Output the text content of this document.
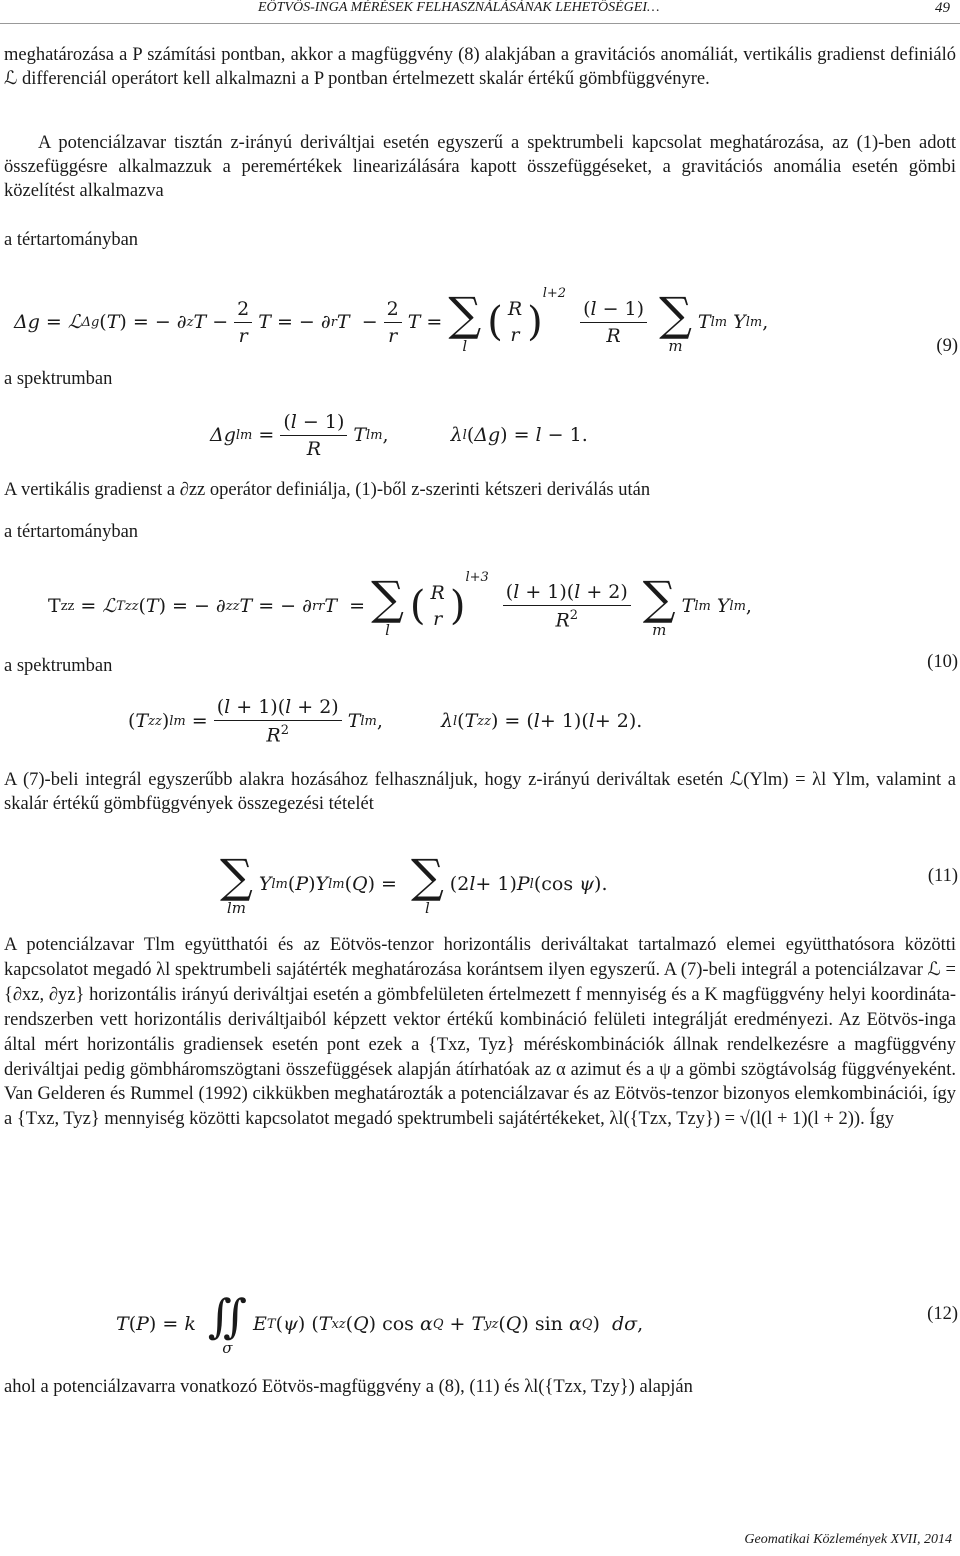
EÖTVÖS-INGA MÉRÉSEK FELHASZNÁLÁSÁNAK LEHETŐSÉGEI…	49
meghatározása a P számítási pontban, akkor a magfüggvény (8) alakjában a gravitációs anomáliát, vertikális gradienst definiáló ℒ differenciál operátort kell alkalmazni a P pontban értelmezett skalár értékű gömbfüggvényre.
A potenciálzavar tisztán z-irányú deriváltjai esetén egyszerű a spektrumbeli kapcsolat meghatározása, az (1)-ben adott összefüggésre alkalmazzuk a peremértékek linearizálására kapott összefüggéseket, a gravitációs anomália esetén gömbi közelítést alkalmazva
a tértartományban
Δg = ℒ Δg ( T ) = − ∂ z $T - \frac{2}{r}$ T = − ∂ r $T - \frac{2}{r}$ T = ∑
l
( R
r )
l+2
$\frac{(l - 1)}{R}$ ∑
m
T lm
Y lm ,
(9)
a spektrumban
Δg lm = $\frac{(l - 1)}{R}$ T lm ,	λ l ( Δg ) = l − 1.
A vertikális gradienst a ∂zz operátor definiálja, (1)-ből z-szerinti kétszeri deriválás után
a tértartományban
T zz = ℒ Tzz ( T ) = − ∂ zz T = − ∂ rr T = ∑
l
( R
r )
l+3
$\frac{(l + 1)(l + 2)}{R^2}$ ∑
m
T lm
Y lm ,
(10)
a spektrumban
( T zz ) lm = $\frac{(l + 1)(l + 2)}{R^2}$ T lm ,	λ l ( T zz ) = ( l + 1)( l + 2).
A (7)-beli integrál egyszerűbb alakra hozásához felhasználjuk, hogy z-irányú deriváltak esetén ℒ(Ylm) = λl Ylm, valamint a skalár értékű gömbfüggvények összegezési tételét
∑
lm
Y lm ( P ) Y lm ( Q ) = ∑
l
(2 l + 1) P l (cos ψ ).	(11)
A potenciálzavar Tlm együtthatói és az Eötvös-tenzor horizontális deriváltakat tartalmazó elemei együtthatósora közötti kapcsolatot megadó λl spektrumbeli sajátérték meghatározása korántsem ilyen egyszerű. A (7)-beli integrál a potenciálzavar ℒ = {∂xz, ∂yz} horizontális irányú deriváltjai esetén a gömbfelületen értelmezett f mennyiség és a K magfüggvény helyi koordináta-rendszerben vett horizontális deriváltjaiból képzett vektor értékű kombináció felületi integrálját eredményezi. Az Eötvös-inga által mért horizontális gradiensek esetén pont ezek a {Txz, Tyz} méréskombinációk állnak rendelkezésre a magfüggvény deriváltjai pedig gömbháromszögtani összefüggések alapján átírhatóak az α azimut és a ψ a gömbi szögtávolság függvényeként. Van Gelderen és Rummel (1992) cikkükben meghatározták a potenciálzavar és az Eötvös-tenzor bizonyos elemkombinációi, így a {Txz, Tyz} mennyiség közötti kapcsolatot megadó spektrumbeli sajátértékeket, λl({Tzx, Tzy}) = √(l(l + 1)(l + 2)). Így
T ( P ) = k ∬
σ
E T ( ψ ) ( T xz ( Q ) cos α Q + T yz ( Q ) sin α Q ) dσ ,	(12)
ahol a potenciálzavarra vonatkozó Eötvös-magfüggvény a (8), (11) és λl({Tzx, Tzy}) alapján
Geomatikai Közlemények XVII, 2014
